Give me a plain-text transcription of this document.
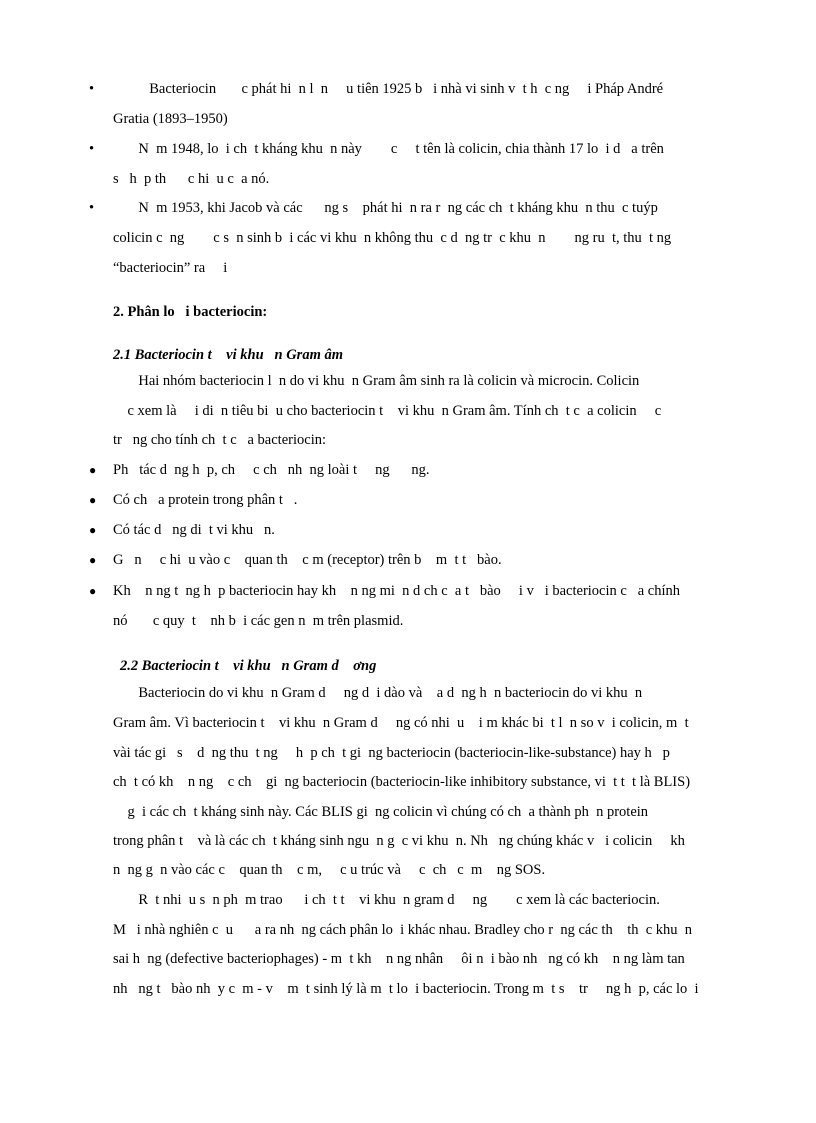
• Bacteriocin       c phát hi  n l  n     u tiên 1925 b   i nhà vi sinh v  t h  c ng     i Pháp André
Gratia (1893–1950)
• N  m 1948, lo  i ch  t kháng khu  n này        c     t tên là colicin, chia thành 17 lo  i d   a trên
s   h  p th      c hi  u c  a nó.
• N  m 1953, khi Jacob và các      ng s    phát hi  n ra r  ng các ch  t kháng khu  n thu  c tuýp
colicin c  ng        c s  n sinh b  i các vi khu  n không thu  c d  ng tr  c khu  n        ng ru  t, thu  t ng
“bacteriocin” ra     i
2. Phân lo   i bacteriocin:
2.1 Bacteriocin t    vi khu   n Gram âm
Hai nhóm bacteriocin l  n do vi khu  n Gram âm sinh ra là colicin và microcin. Colicin
c xem là     i di  n tiêu bi  u cho bacteriocin t    vi khu  n Gram âm. Tính ch  t c  a colicin     c
tr   ng cho tính ch  t c   a bacteriocin:
● Ph   tác d  ng h  p, ch     c ch   nh  ng loài t     ng      ng.
● Có ch   a protein trong phân t   .
● Có tác d   ng di  t vi khu   n.
● G   n     c hi  u vào c    quan th    c m (receptor) trên b    m  t t   bào.
● Kh    n ng t  ng h  p bacteriocin hay kh    n ng mi  n d ch c  a t   bào     i v   i bacteriocin c   a chính
nó       c quy  t    nh b  i các gen n  m trên plasmid.
2.2 Bacteriocin t    vi khu   n Gram d    ơng
Bacteriocin do vi khu  n Gram d     ng d  i dào và    a d  ng h  n bacteriocin do vi khu  n
Gram âm. Vì bacteriocin t    vi khu  n Gram d     ng có nhi  u    i m khác bi  t l  n so v  i colicin, m  t
vài tác gi   s    d  ng thu  t ng     h  p ch  t gi  ng bacteriocin (bacteriocin-like-substance) hay h   p
ch  t có kh    n ng    c ch    gi  ng bacteriocin (bacteriocin-like inhibitory substance, vi  t t  t là BLIS)
g  i các ch  t kháng sinh này. Các BLIS gi  ng colicin vì chúng có ch  a thành ph  n protein
trong phân t    và là các ch  t kháng sinh ngu  n g  c vi khu  n. Nh   ng chúng khác v   i colicin     kh
n  ng g  n vào các c    quan th    c m,     c u trúc và     c  ch   c  m    ng SOS.
R  t nhi  u s  n ph  m trao      i ch  t t    vi khu  n gram d     ng        c xem là các bacteriocin.
M   i nhà nghiên c  u      a ra nh  ng cách phân lo  i khác nhau. Bradley cho r  ng các th    th  c khu  n
sai h  ng (defective bacteriophages) - m  t kh    n ng nhân     ôi n  i bào nh   ng có kh    n ng làm tan
nh   ng t   bào nh  y c  m - v    m  t sinh lý là m  t lo  i bacteriocin. Trong m  t s    tr     ng h  p, các lo  i
